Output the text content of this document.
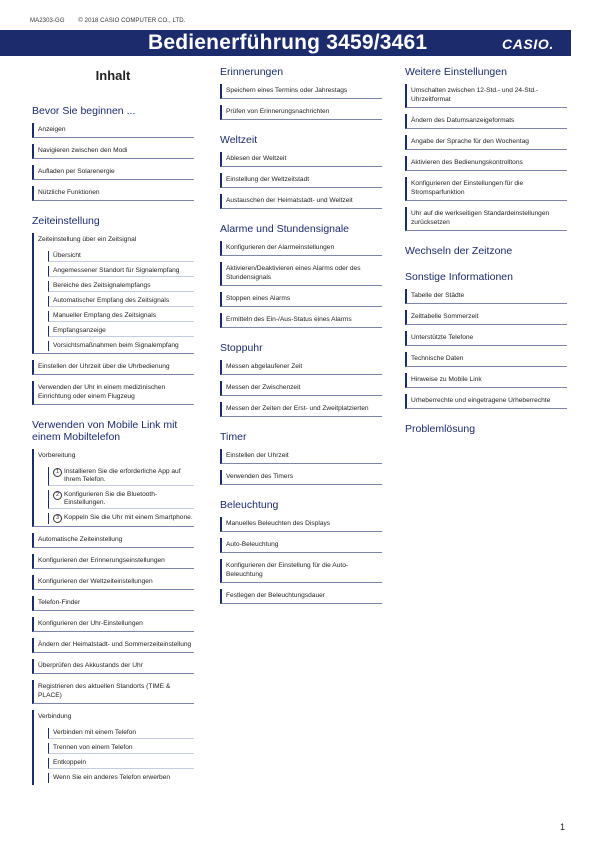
MA2303-GG © 2018 CASIO COMPUTER CO., LTD.
Bedienerführung 3459/3461	CASIO.
Inhalt
Bevor Sie beginnen ...
Anzeigen
Navigieren zwischen den Modi
Aufladen per Solarenergie
Nützliche Funktionen
Zeiteinstellung
Zeiteinstellung über ein Zeitsignal
Übersicht
Angemessener Standort für Signalempfang
Bereiche des Zeitsignalempfangs
Automatischer Empfang des Zeitsignals
Manueller Empfang des Zeitsignals
Empfangsanzeige
Vorsichtsmaßnahmen beim Signalempfang
Einstellen der Uhrzeit über die Uhrbedienung
Verwenden der Uhr in einem medizinischen Einrichtung oder einem Flugzeug
Verwenden von Mobile Link mit einem Mobiltelefon
Vorbereitung
1 Installieren Sie die erforderliche App auf Ihrem Telefon.
2 Konfigurieren Sie die Bluetooth-Einstellungen.
3 Koppeln Sie die Uhr mit einem Smartphone.
Automatische Zeiteinstellung
Konfigurieren der Erinnerungseinstellungen
Konfigurieren der Weltzeiteinstellungen
Telefon-Finder
Konfigurieren der Uhr-Einstellungen
Ändern der Heimatstadt- und Sommerzeiteinstellung
Überprüfen des Akkustands der Uhr
Registrieren des aktuellen Standorts (TIME & PLACE)
Verbindung
Verbinden mit einem Telefon
Trennen von einem Telefon
Entkoppeln
Wenn Sie ein anderes Telefon erwerben
Erinnerungen
Speichern eines Termins oder Jahrestags
Prüfen von Erinnerungsnachrichten
Weltzeit
Ablesen der Weltzeit
Einstellung der Weltzeitstadt
Austauschen der Heimatstadt- und Weltzeit
Alarme und Stundensignale
Konfigurieren der Alarmeinstellungen
Aktivieren/Deaktivieren eines Alarms oder des Stundensignals
Stoppen eines Alarms
Ermitteln des Ein-/Aus-Status eines Alarms
Stoppuhr
Messen abgelaufener Zeit
Messen der Zwischenzeit
Messen der Zeiten der Erst- und Zweitplatzierten
Timer
Einstellen der Uhrzeit
Verwenden des Timers
Beleuchtung
Manuelles Beleuchten des Displays
Auto-Beleuchtung
Konfigurieren der Einstellung für die Auto-Beleuchtung
Festlegen der Beleuchtungsdauer
Weitere Einstellungen
Umschalten zwischen 12-Std.- und 24-Std.-Uhrzeitformat
Ändern des Datumsanzeigeformats
Angabe der Sprache für den Wochentag
Aktivieren des Bedienungskontrolltons
Konfigurieren der Einstellungen für die Stromsparfunktion
Uhr auf die werkseitigen Standardeinstellungen zurücksetzen
Wechseln der Zeitzone
Sonstige Informationen
Tabelle der Städte
Zeittabelle Sommerzeit
Unterstützte Telefone
Technische Daten
Hinweise zu Mobile Link
Urheberrechte und eingetragene Urheberrechte
Problemlösung
1
